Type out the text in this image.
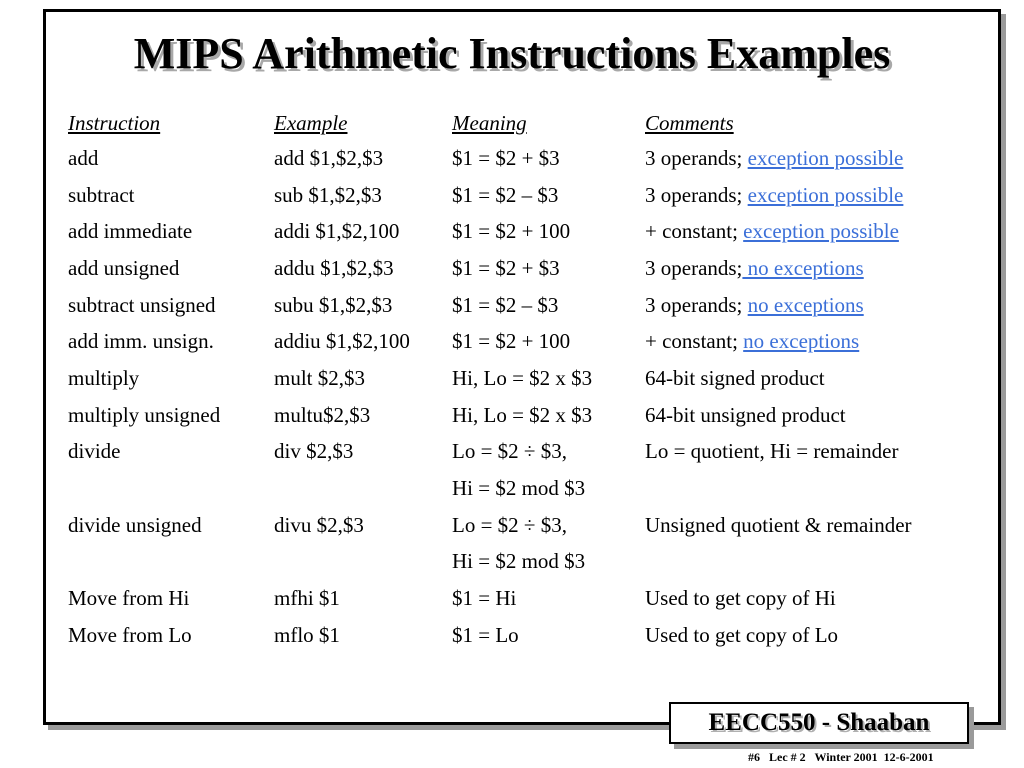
MIPS Arithmetic Instructions Examples
Instruction	Example	Meaning	Comments
add	add $1,$2,$3	$1 = $2 + $3	3 operands; exception possible
subtract	sub $1,$2,$3	$1 = $2 – $3	3 operands; exception possible
add immediate	addi $1,$2,100	$1 = $2 + 100	+ constant; exception possible
add unsigned	addu $1,$2,$3	$1 = $2 + $3	3 operands; no exceptions
subtract unsigned	subu $1,$2,$3	$1 = $2 – $3	3 operands; no exceptions
add imm. unsign.	addiu $1,$2,100	$1 = $2 + 100	+ constant; no exceptions
multiply	mult $2,$3	Hi, Lo = $2 x $3	64-bit signed product
multiply unsigned	multu$2,$3	Hi, Lo = $2 x $3	64-bit unsigned product
divide	div $2,$3	Lo = $2 ÷ $3,	Lo = quotient, Hi = remainder
		Hi = $2 mod $3	
divide unsigned	divu $2,$3	Lo = $2 ÷ $3,	Unsigned quotient & remainder
		Hi = $2 mod $3	
Move from Hi	mfhi $1	$1 = Hi	Used to get copy of Hi
Move from Lo	mflo $1	$1 = Lo	Used to get copy of Lo
EECC550 - Shaaban
#6   Lec # 2   Winter 2001  12-6-2001
